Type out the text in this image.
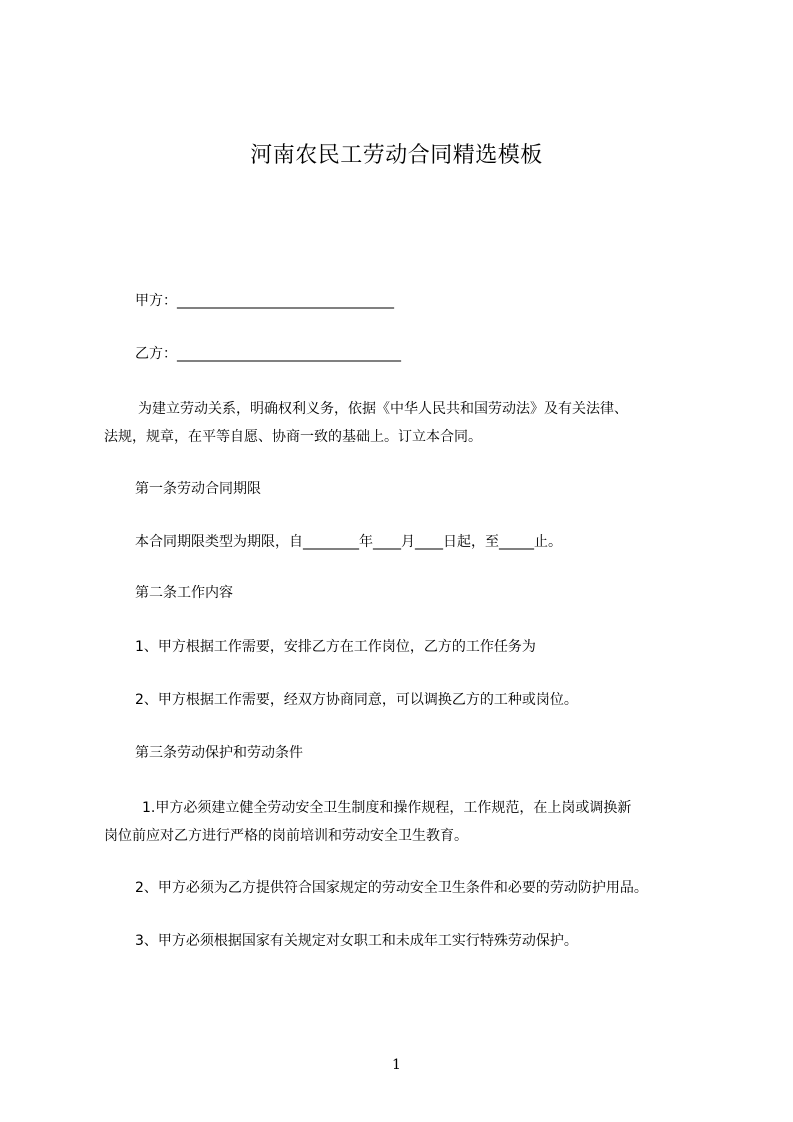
河南农民工劳动合同精选模板
甲方：_______________________________
乙方：________________________________
为建立劳动关系，明确权利义务，依据《中华人民共和国劳动法》及有关法律、
法规，规章，在平等自愿、协商一致的基础上。订立本合同。
第一条劳动合同期限
本合同期限类型为期限，自________年____月____日起，至_____止。
第二条工作内容
1、甲方根据工作需要，安排乙方在工作岗位，乙方的工作任务为
2、甲方根据工作需要，经双方协商同意，可以调换乙方的工种或岗位。
第三条劳动保护和劳动条件
1.甲方必须建立健全劳动安全卫生制度和操作规程，工作规范，在上岗或调换新
岗位前应对乙方进行严格的岗前培训和劳动安全卫生教育。
2、甲方必须为乙方提供符合国家规定的劳动安全卫生条件和必要的劳动防护用品。
3、甲方必须根据国家有关规定对女职工和未成年工实行特殊劳动保护。
1
